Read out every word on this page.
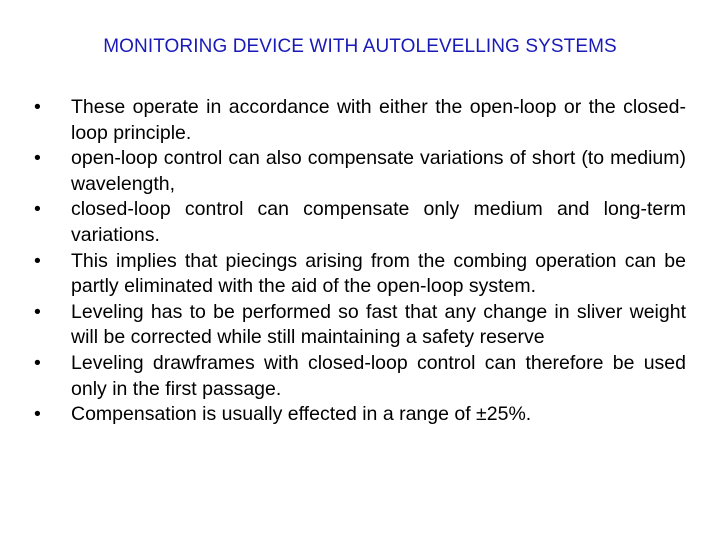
MONITORING DEVICE WITH AUTOLEVELLING SYSTEMS
•	These operate in accordance with either the open-loop or the closed-loop principle.
•	open-loop control can also compensate variations of short (to medium) wavelength,
•	closed-loop control can compensate only medium and long-term variations.
•	This implies that piecings arising from the combing operation can be partly eliminated with the aid of the open-loop system.
•	Leveling has to be performed so fast that any change in sliver weight will be corrected while still maintaining a safety reserve
•	Leveling drawframes with closed-loop control can therefore be used only in the first passage.
•	Compensation is usually effected in a range of ±25%.
